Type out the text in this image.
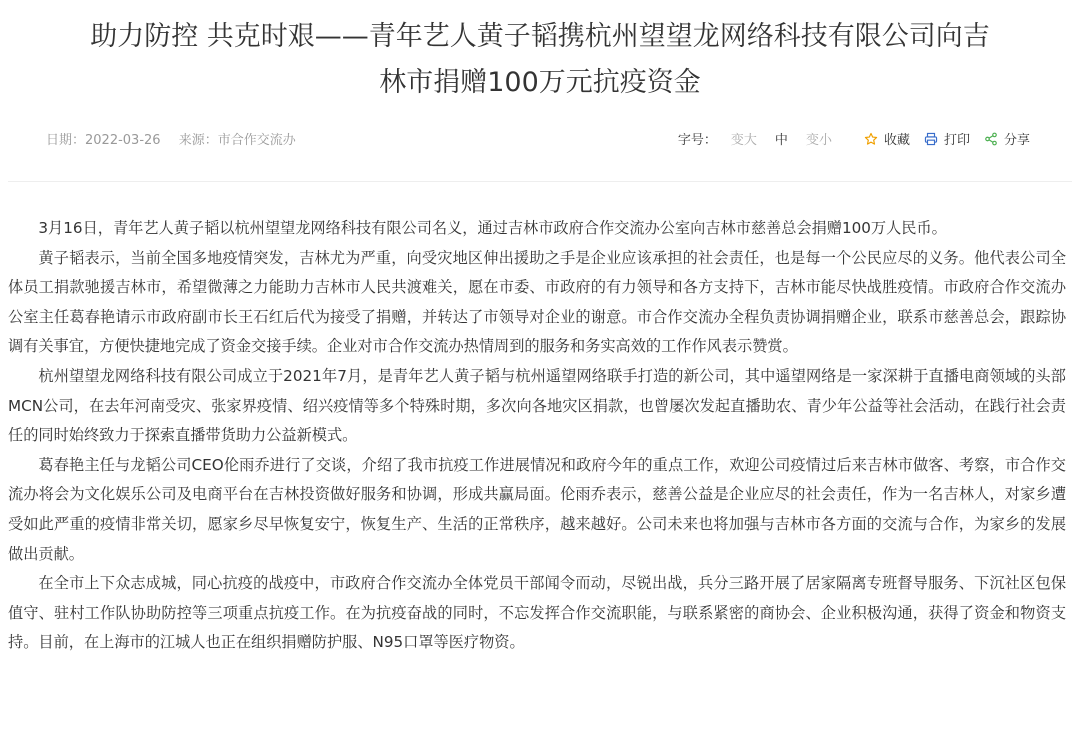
助力防控 共克时艰——青年艺人黄子韬携杭州望望龙网络科技有限公司向吉
林市捐赠100万元抗疫资金
日期：2022-03-26 来源：市合作交流办	字号： 变大 中 变小	收藏	打印	分享

3月16日，青年艺人黄子韬以杭州望望龙网络科技有限公司名义，通过吉林市政府合作交流办公室向吉林市慈善总会捐赠100万人民币。

黄子韬表示，当前全国多地疫情突发，吉林尤为严重，向受灾地区伸出援助之手是企业应该承担的社会责任，也是每一个公民应尽的义务。他代表公司全体员工捐款驰援吉林市，希望微薄之力能助力吉林市人民共渡难关，愿在市委、市政府的有力领导和各方支持下，吉林市能尽快战胜疫情。市政府合作交流办公室主任葛春艳请示市政府副市长王石红后代为接受了捐赠，并转达了市领导对企业的谢意。市合作交流办全程负责协调捐赠企业，联系市慈善总会，跟踪协调有关事宜，方便快捷地完成了资金交接手续。企业对市合作交流办热情周到的服务和务实高效的工作作风表示赞赏。

杭州望望龙网络科技有限公司成立于2021年7月，是青年艺人黄子韬与杭州遥望网络联手打造的新公司，其中遥望网络是一家深耕于直播电商领域的头部MCN公司，在去年河南受灾、张家界疫情、绍兴疫情等多个特殊时期，多次向各地灾区捐款，也曾屡次发起直播助农、青少年公益等社会活动，在践行社会责任的同时始终致力于探索直播带货助力公益新模式。

葛春艳主任与龙韬公司CEO伦雨乔进行了交谈，介绍了我市抗疫工作进展情况和政府今年的重点工作，欢迎公司疫情过后来吉林市做客、考察，市合作交流办将会为文化娱乐公司及电商平台在吉林投资做好服务和协调，形成共赢局面。伦雨乔表示，慈善公益是企业应尽的社会责任，作为一名吉林人，对家乡遭受如此严重的疫情非常关切，愿家乡尽早恢复安宁，恢复生产、生活的正常秩序，越来越好。公司未来也将加强与吉林市各方面的交流与合作，为家乡的发展做出贡献。

在全市上下众志成城，同心抗疫的战疫中，市政府合作交流办全体党员干部闻令而动，尽锐出战，兵分三路开展了居家隔离专班督导服务、下沉社区包保值守、驻村工作队协助防控等三项重点抗疫工作。在为抗疫奋战的同时，不忘发挥合作交流职能，与联系紧密的商协会、企业积极沟通，获得了资金和物资支持。目前，在上海市的江城人也正在组织捐赠防护服、N95口罩等医疗物资。
